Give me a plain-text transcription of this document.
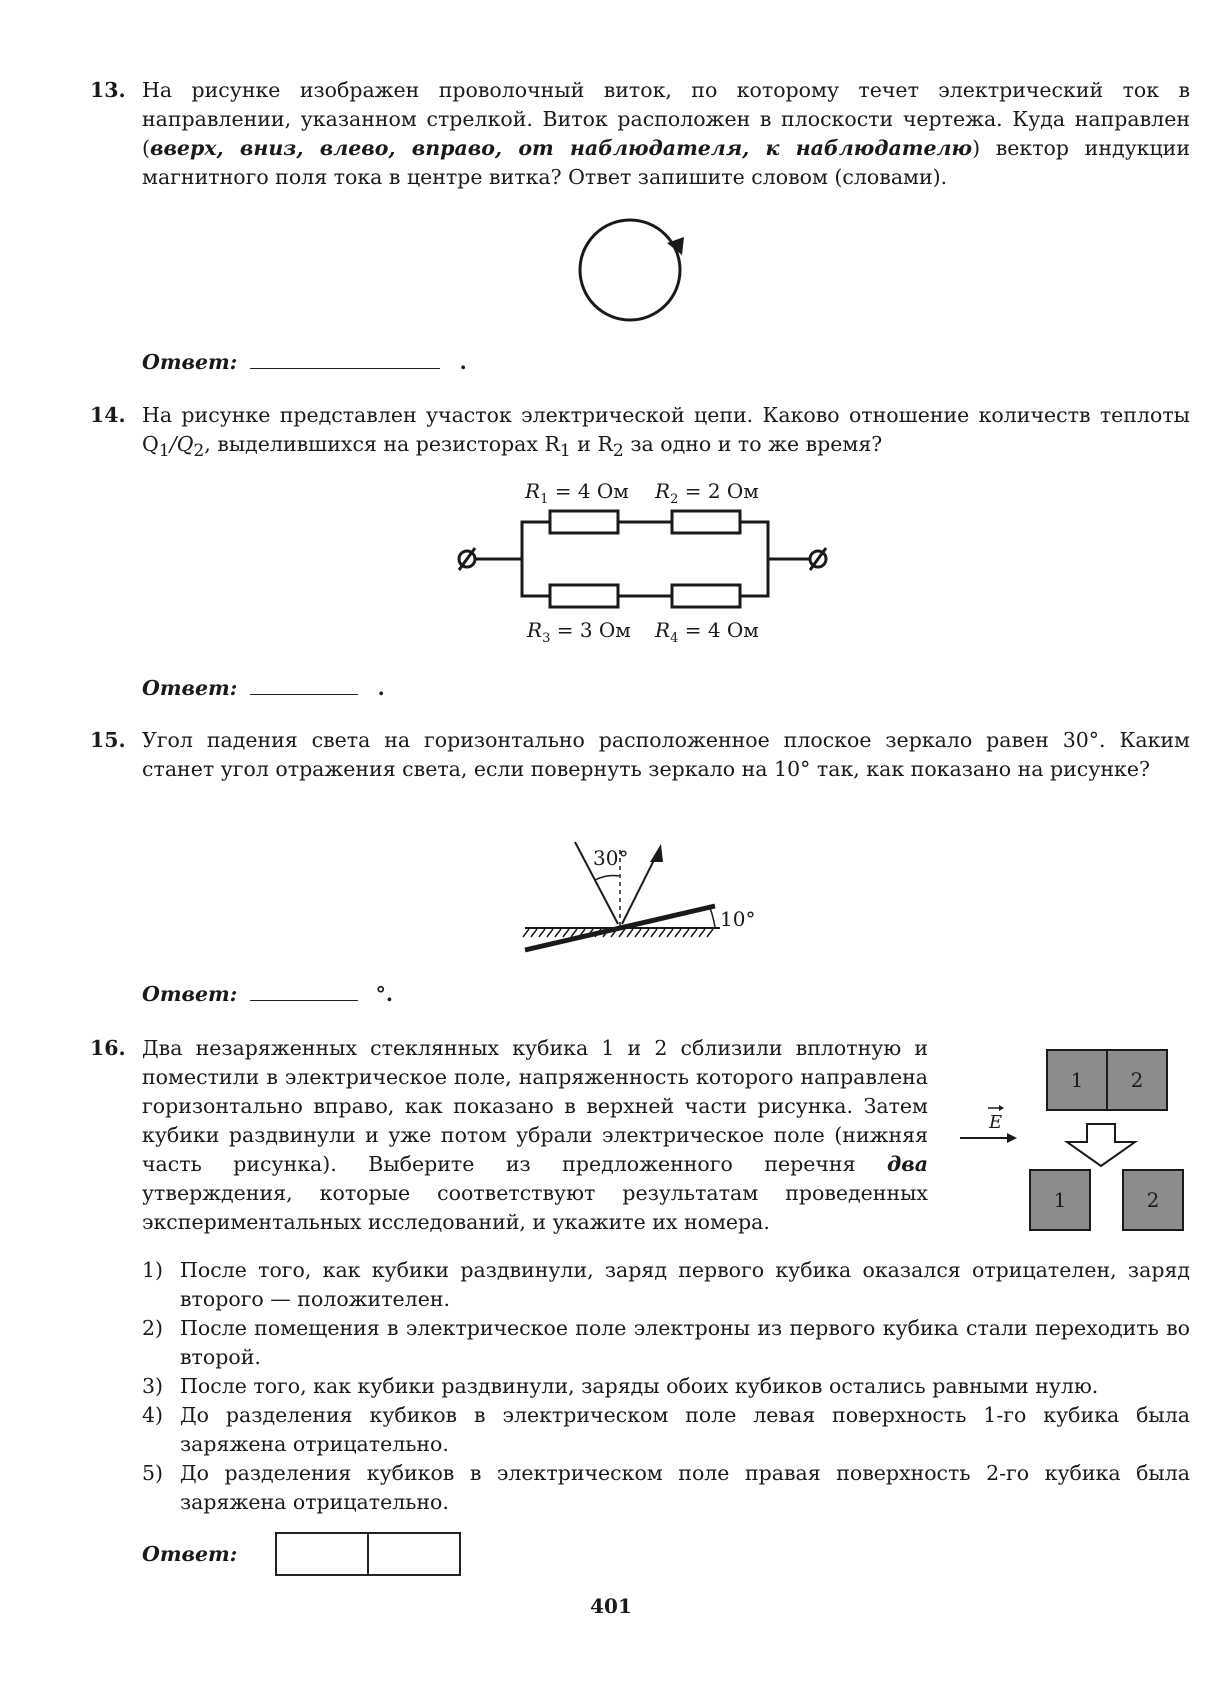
13. На рисунке изображен проволочный виток, по которому течет электрический ток в направлении, указанном стрелкой. Виток расположен в плоскости чертежа. Куда направлен (вверх, вниз, влево, вправо, от наблюдателя, к наблюдателю) вектор индукции магнитного поля тока в центре витка? Ответ запишите словом (словами).
Ответ:	.
14. На рисунке представлен участок электрической цепи. Каково отношение количеств теплоты $Q_1/Q_2$, выделившихся на резисторах $R_1$ и $R_2$ за одно и то же время?
$R_1 = 4$ Ом $R_2 = 2$ Ом
$R_3 = 3$ Ом $R_4 = 4$ Ом
Ответ:	.
15. Угол падения света на горизонтально расположенное плоское зеркало равен 30°. Каким станет угол отражения света, если повернуть зеркало на 10° так, как показано на рисунке?
30°
10°
Ответ:	°.
16. Два незаряженных стеклянных кубика 1 и 2 сблизили вплотную и поместили в электрическое поле, напряженность которого направлена горизонтально вправо, как показано в верхней части рисунка. Затем кубики раздвинули и уже потом убрали электрическое поле (нижняя часть рисунка). Выберите из предложенного перечня два утверждения, которые соответствуют результатам проведенных экспериментальных исследований, и укажите их номера.
E
1 2
1	2
1) После того, как кубики раздвинули, заряд первого кубика оказался отрицателен, заряд второго — положителен.
2) После помещения в электрическое поле электроны из первого кубика стали переходить во второй.
3) После того, как кубики раздвинули, заряды обоих кубиков остались равными нулю.
4) До разделения кубиков в электрическом поле левая поверхность 1-го кубика была заряжена отрицательно.
5) До разделения кубиков в электрическом поле правая поверхность 2-го кубика была заряжена отрицательно.
Ответ:
401
